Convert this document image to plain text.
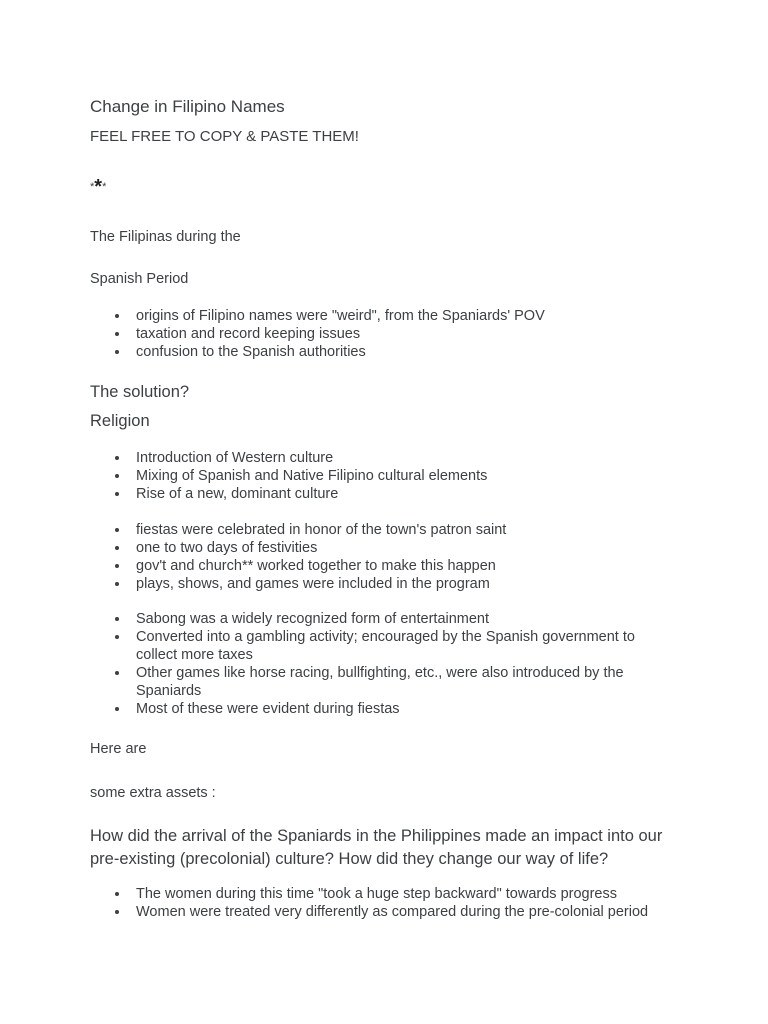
Change in Filipino Names

FEEL FREE TO COPY & PASTE THEM!

***

The Filipinas during the

Spanish Period

origins of Filipino names were "weird", from the Spaniards' POV
taxation and record keeping issues
confusion to the Spanish authorities

The solution?

Religion

Introduction of Western culture
Mixing of Spanish and Native Filipino cultural elements
Rise of a new, dominant culture
fiestas were celebrated in honor of the town's patron saint
one to two days of festivities
gov't and church** worked together to make this happen
plays, shows, and games were included in the program
Sabong was a widely recognized form of entertainment
Converted into a gambling activity; encouraged by the Spanish government to collect more taxes
Other games like horse racing, bullfighting, etc., were also introduced by the Spaniards
Most of these were evident during fiestas

Here are

some extra assets :

How did the arrival of the Spaniards in the Philippines made an impact into our pre-existing (precolonial) culture? How did they change our way of life?

The women during this time "took a huge step backward" towards progress
Women were treated very differently as compared during the pre-colonial period
